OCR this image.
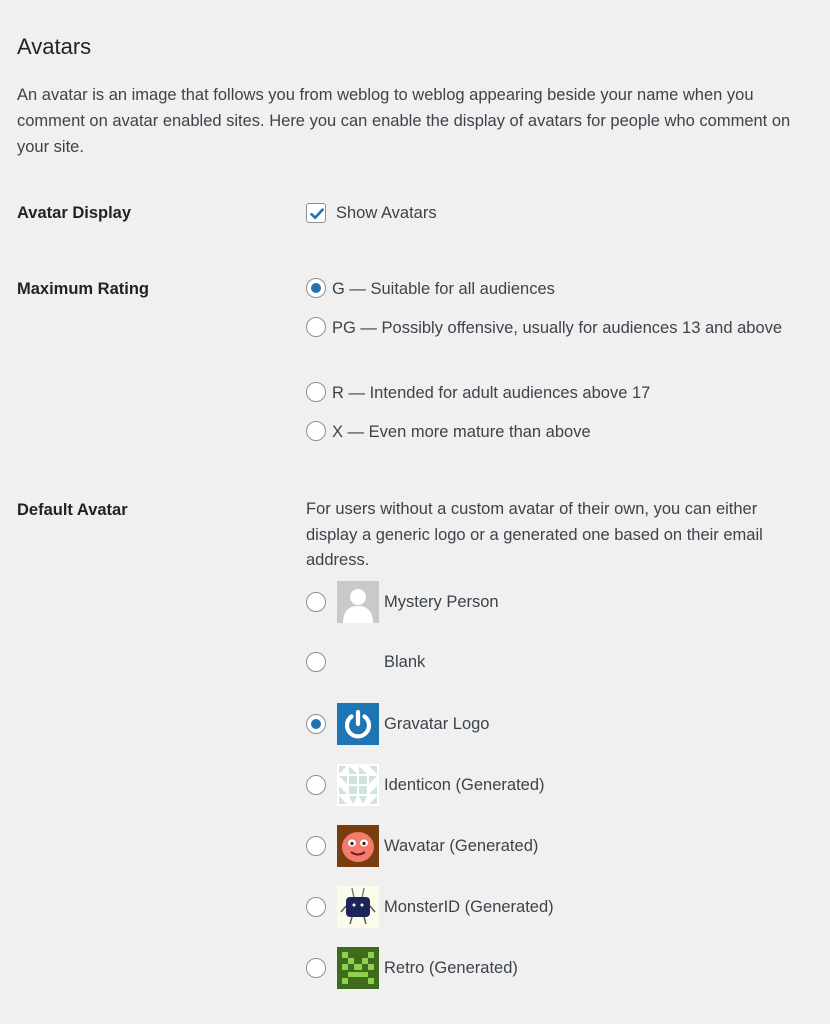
Avatars

An avatar is an image that follows you from weblog to weblog appearing beside your name when you comment on avatar enabled sites. Here you can enable the display of avatars for people who comment on your site.

Avatar Display	Show Avatars
Maximum Rating	G — Suitable for all audiences
PG — Possibly offensive, usually for audiences 13 and above
R — Intended for adult audiences above 17
X — Even more mature than above
Default Avatar	For users without a custom avatar of their own, you can either display a generic logo or a generated one based on their email address.

Mystery Person
Blank
Gravatar Logo
Identicon (Generated)
Wavatar (Generated)
MonsterID (Generated)
Retro (Generated)
